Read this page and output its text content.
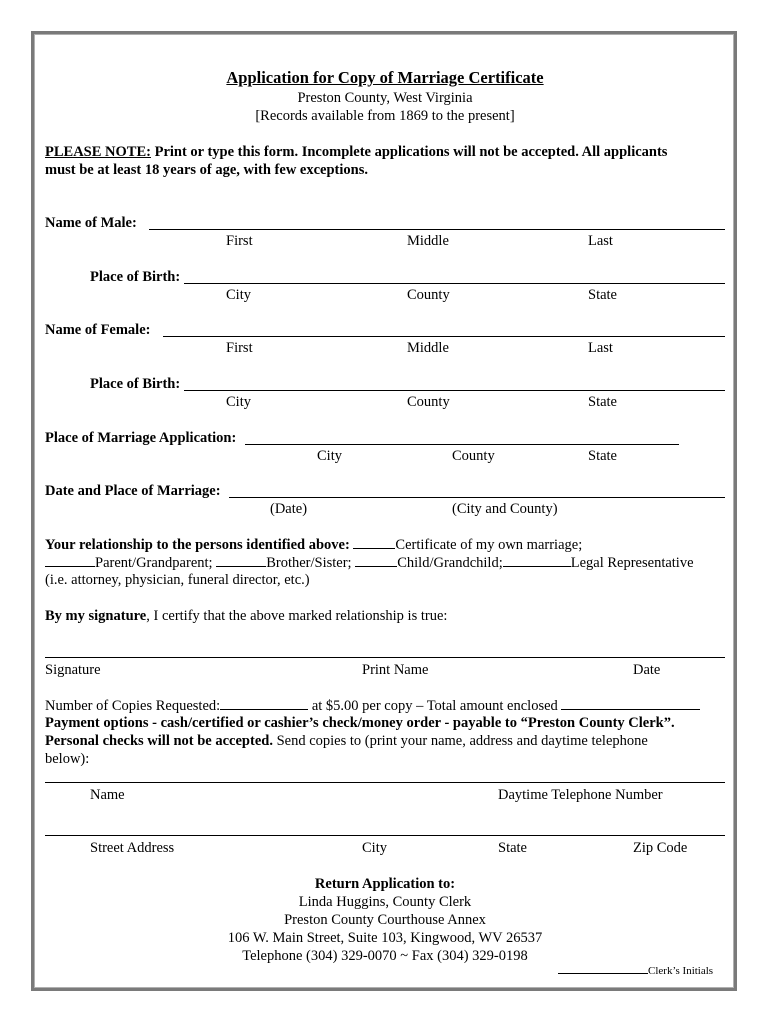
Application for Copy of Marriage Certificate
Preston County, West Virginia
[Records available from 1869 to the present]
PLEASE NOTE: Print or type this form. Incomplete applications will not be accepted. All applicants
must be at least 18 years of age, with few exceptions.
Name of Male:
First	Middle	Last
Place of Birth:
City	County	State
Name of Female:
First	Middle	Last
Place of Birth:
City	County	State
Place of Marriage Application:
City	County	State
Date and Place of Marriage:
(Date)	(City and County)
Your relationship to the persons identified above:	Certificate of my own marriage;
Parent/Grandparent;	Brother/Sister;	Child/Grandchild;	Legal Representative
(i.e. attorney, physician, funeral director, etc.)
By my signature, I certify that the above marked relationship is true:
Signature	Print Name	Date
Number of Copies Requested:	at $5.00 per copy – Total amount enclosed
Payment options - cash/certified or cashier’s check/money order - payable to “Preston County Clerk”.
Personal checks will not be accepted. Send copies to (print your name, address and daytime telephone
below):
Name	Daytime Telephone Number
Street Address	City	State	Zip Code
Return Application to:
Linda Huggins, County Clerk
Preston County Courthouse Annex
106 W. Main Street, Suite 103, Kingwood, WV 26537
Telephone (304) 329-0070 ~ Fax (304) 329-0198
Clerk’s Initials
